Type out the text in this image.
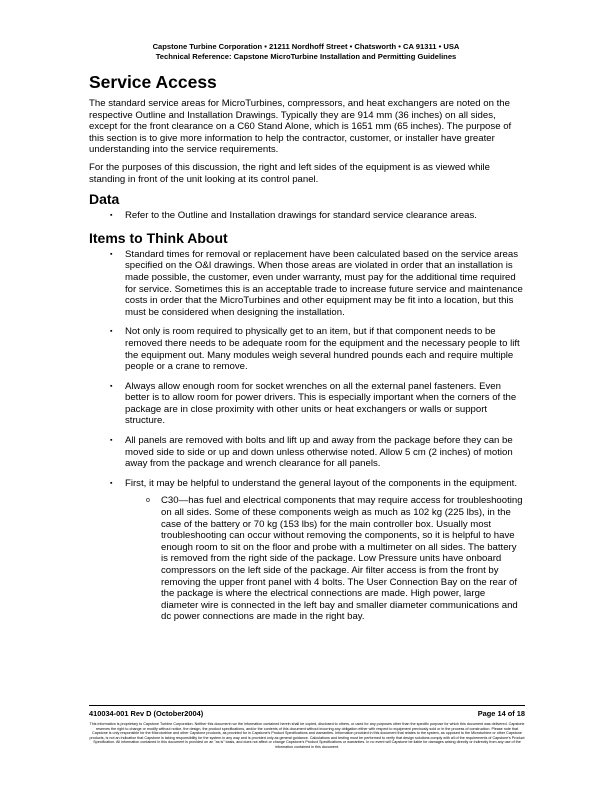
Capstone Turbine Corporation • 21211 Nordhoff Street • Chatsworth • CA 91311 • USA
Technical Reference: Capstone MicroTurbine Installation and Permitting Guidelines
Service Access

The standard service areas for MicroTurbines, compressors, and heat exchangers are noted on the respective Outline and Installation Drawings. Typically they are 914 mm (36 inches) on all sides, except for the front clearance on a C60 Stand Alone, which is 1651 mm (65 inches). The purpose of this section is to give more information to help the contractor, customer, or installer have greater understanding into the service requirements.

For the purposes of this discussion, the right and left sides of the equipment is as viewed while standing in front of the unit looking at its control panel.

Data
▪ Refer to the Outline and Installation drawings for standard service clearance areas.
Items to Think About
▪ Standard times for removal or replacement have been calculated based on the service areas specified on the O&I drawings. When those areas are violated in order that an installation is made possible, the customer, even under warranty, must pay for the additional time required for service. Sometimes this is an acceptable trade to increase future service and maintenance costs in order that the MicroTurbines and other equipment may be fit into a location, but this must be considered when designing the installation.
▪ Not only is room required to physically get to an item, but if that component needs to be removed there needs to be adequate room for the equipment and the necessary people to lift the equipment out. Many modules weigh several hundred pounds each and require multiple people or a crane to remove.
▪ Always allow enough room for socket wrenches on all the external panel fasteners. Even better is to allow room for power drivers. This is especially important when the corners of the package are in close proximity with other units or heat exchangers or walls or support structure.
▪ All panels are removed with bolts and lift up and away from the package before they can be moved side to side or up and down unless otherwise noted. Allow 5 cm (2 inches) of motion away from the package and wrench clearance for all panels.
▪ First, it may be helpful to understand the general layout of the components in the equipment.
o C30—has fuel and electrical components that may require access for troubleshooting on all sides. Some of these components weigh as much as 102 kg (225 lbs), in the case of the battery or 70 kg (153 lbs) for the main controller box. Usually most troubleshooting can occur without removing the components, so it is helpful to have enough room to sit on the floor and probe with a multimeter on all sides. The battery is removed from the right side of the package. Low Pressure units have onboard compressors on the left side of the package. Air filter access is from the front by removing the upper front panel with 4 bolts. The User Connection Bay on the rear of the package is where the electrical connections are made. High power, large diameter wire is connected in the left bay and smaller diameter communications and dc power connections are made in the right bay.
410034-001 Rev D (October2004)	Page 14 of 18
This information is proprietary to Capstone Turbine Corporation. Neither this document nor the information contained herein shall be copied, disclosed to others, or used for any purposes other than the specific purpose for which this document was delivered. Capstone reserves the right to change or modify without notice, the design, the product specifications, and/or the contents of this document without incurring any obligation either with respect to equipment previously sold or in the process of construction. Please note that Capstone is only responsible for the Microturbine and other Capstone products, as provided for in Capstone's Product Specifications and warranties. Information provided in this document that relates to the system, as opposed to the Microturbine or other Capstone products, is not an indication that Capstone is taking responsibility for the system in any way and is provided only as general guidance. Calculations and testing must be performed to verify that design solutions comply with all of the requirements of Capstone's Product Specification. All information contained in this document is provided on an "as is" basis, and does not affect or change Capstone's Product Specifications or warranties. In no event will Capstone be liable for damages arising directly or indirectly from any use of the information contained in this document.
